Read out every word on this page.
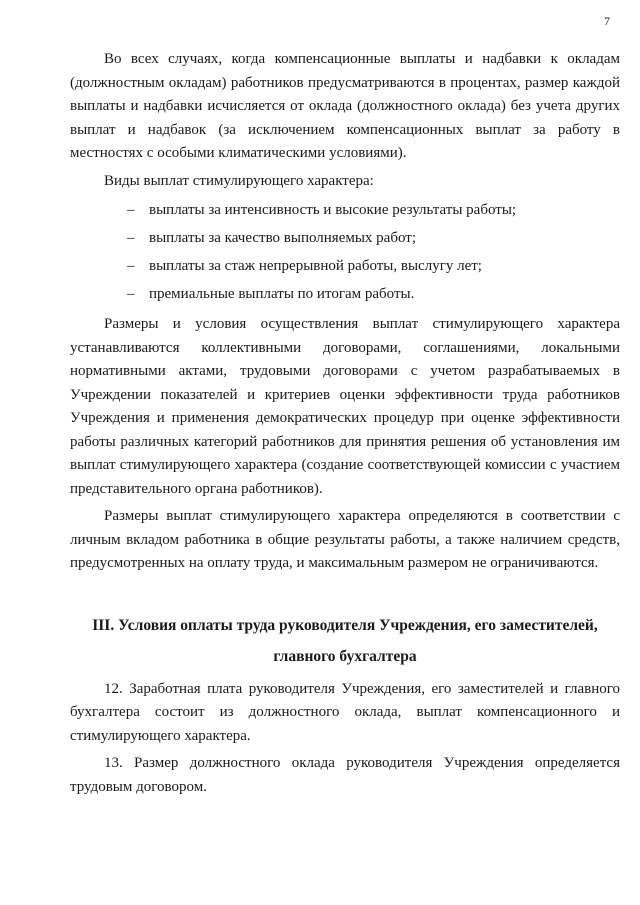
7

Во всех случаях, когда компенсационные выплаты и надбавки к окладам (должностным окладам) работников предусматриваются в процентах, размер каждой выплаты и надбавки исчисляется от оклада (должностного оклада) без учета других выплат и надбавок (за исключением компенсационных выплат за работу в местностях с особыми климатическими условиями).

Виды выплат стимулирующего характера:

– выплаты за интенсивность и высокие результаты работы;
– выплаты за качество выполняемых работ;
– выплаты за стаж непрерывной работы, выслугу лет;
– премиальные выплаты по итогам работы.

Размеры и условия осуществления выплат стимулирующего характера устанавливаются коллективными договорами, соглашениями, локальными нормативными актами, трудовыми договорами с учетом разрабатываемых в Учреждении показателей и критериев оценки эффективности труда работников Учреждения и применения демократических процедур при оценке эффективности работы различных категорий работников для принятия решения об установления им выплат стимулирующего характера (создание соответствующей комиссии с участием представительного органа работников).

Размеры выплат стимулирующего характера определяются в соответствии с личным вкладом работника в общие результаты работы, а также наличием средств, предусмотренных на оплату труда, и максимальным размером не ограничиваются.

III. Условия оплаты труда руководителя Учреждения, его заместителей,
главного бухгалтера

12. Заработная плата руководителя Учреждения, его заместителей и главного бухгалтера состоит из должностного оклада, выплат компенсационного и стимулирующего характера.

13. Размер должностного оклада руководителя Учреждения определяется трудовым договором.
